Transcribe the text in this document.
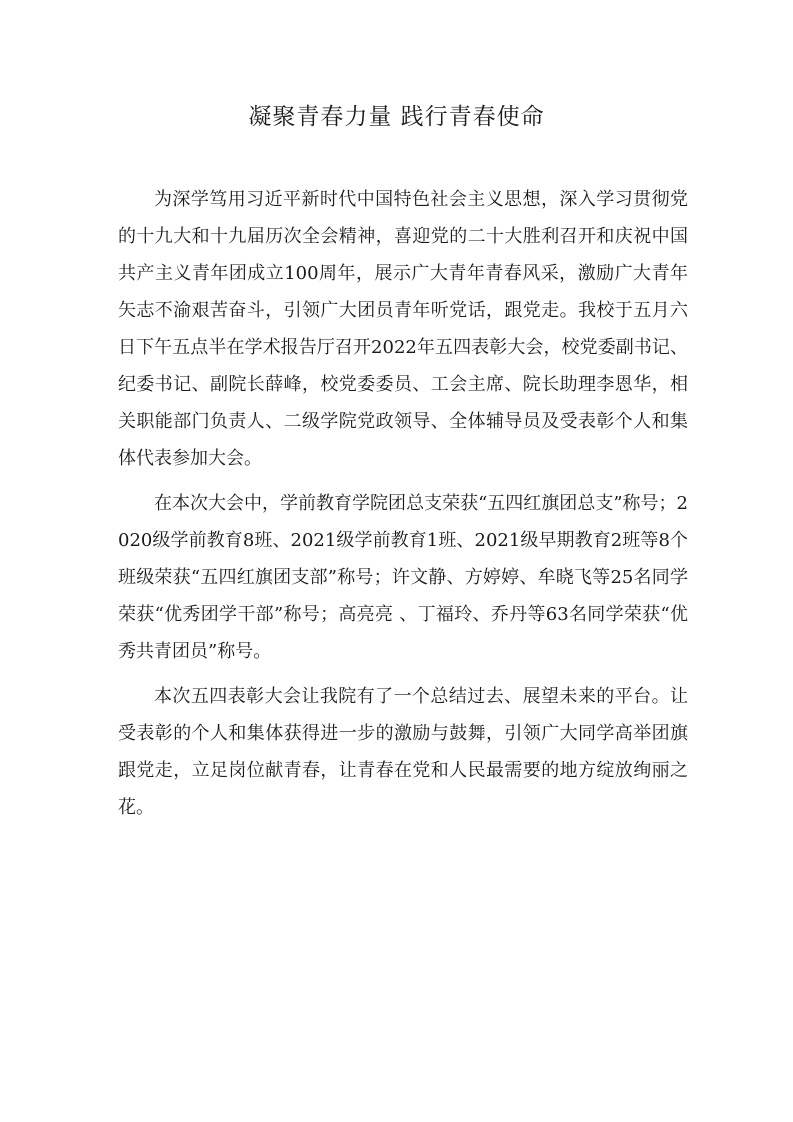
凝聚青春力量 践行青春使命

为深学笃用习近平新时代中国特色社会主义思想，深入学习贯彻党的十九大和十九届历次全会精神，喜迎党的二十大胜利召开和庆祝中国共产主义青年团成立100周年，展示广大青年青春风采，激励广大青年矢志不渝艰苦奋斗，引领广大团员青年听党话，跟党走。我校于五月六日下午五点半在学术报告厅召开2022年五四表彰大会，校党委副书记、纪委书记、副院长薛峰，校党委委员、工会主席、院长助理李恩华，相关职能部门负责人、二级学院党政领导、全体辅导员及受表彰个人和集体代表参加大会。

在本次大会中，学前教育学院团总支荣获“五四红旗团总支”称号；2020级学前教育8班、2021级学前教育1班、2021级早期教育2班等8个班级荣获“五四红旗团支部”称号；许文静、方婷婷、牟晓飞等25名同学荣获“优秀团学干部”称号；高亮亮 、丁福玲、乔丹等63名同学荣获“优秀共青团员”称号。

本次五四表彰大会让我院有了一个总结过去、展望未来的平台。让受表彰的个人和集体获得进一步的激励与鼓舞，引领广大同学高举团旗跟党走，立足岗位献青春，让青春在党和人民最需要的地方绽放绚丽之花。
